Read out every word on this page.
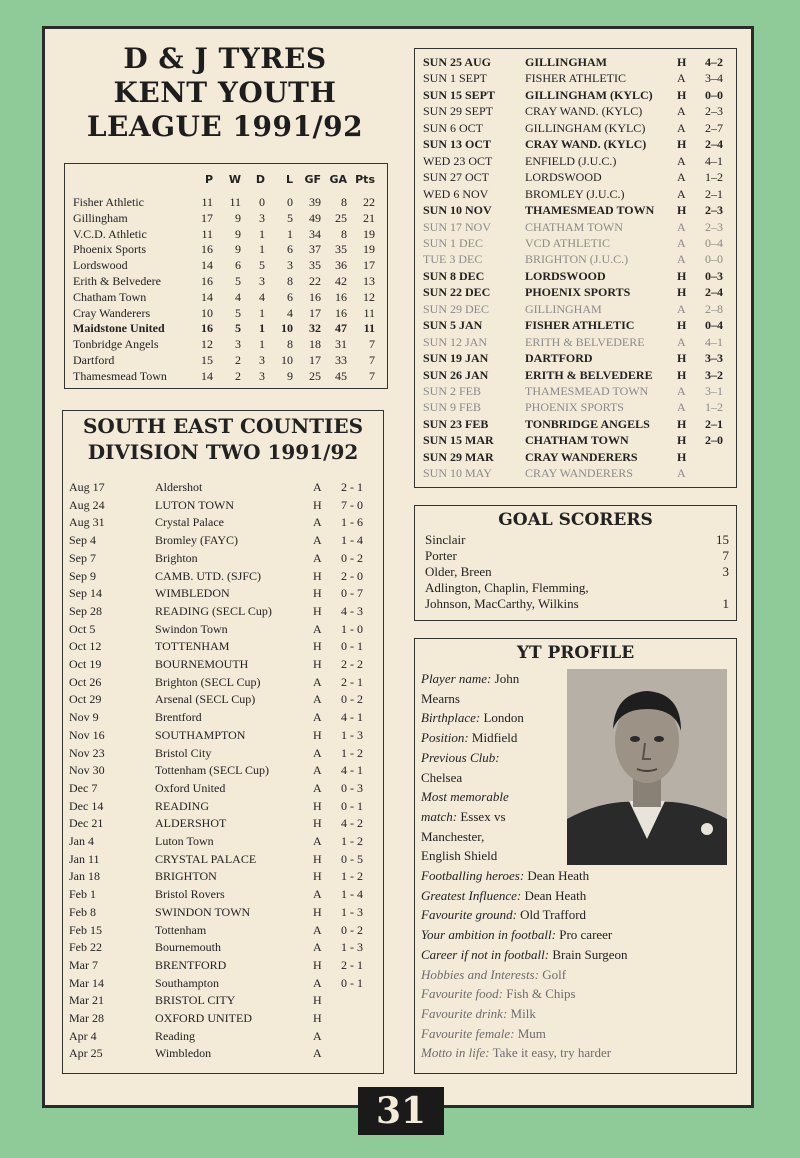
D & J TYRES
KENT YOUTH
LEAGUE 1991/92
P	W	D	L	GF GA Pts
Fisher Athletic	11	11	0	0	39	8	22
Gillingham	17	9	3	5	49	25	21
V.C.D. Athletic	11	9	1	1	34	8	19
Phoenix Sports	16	9	1	6	37	35	19
Lordswood	14	6	5	3	35	36	17
Erith & Belvedere	16	5	3	8	22	42	13
Chatham Town	14	4	4	6	16	16	12
Cray Wanderers	10	5	1	4	17	16	11
Maidstone United	16	5	1	10	32	47	11
Tonbridge Angels	12	3	1	8	18	31	7
Dartford	15	2	3	10	17	33	7
Thamesmead Town	14	2	3	9	25	45	7
SOUTH EAST COUNTIES
DIVISION TWO 1991/92
Aug 17	Aldershot	A	2 - 1
Aug 24	LUTON TOWN	H	7 - 0
Aug 31	Crystal Palace	A	1 - 6
Sep 4	Bromley (FAYC)	A	1 - 4
Sep 7	Brighton	A	0 - 2
Sep 9	CAMB. UTD. (SJFC)	H	2 - 0
Sep 14	WIMBLEDON	H	0 - 7
Sep 28	READING (SECL Cup)	H	4 - 3
Oct 5	Swindon Town	A	1 - 0
Oct 12	TOTTENHAM	H	0 - 1
Oct 19	BOURNEMOUTH	H	2 - 2
Oct 26	Brighton (SECL Cup)	A	2 - 1
Oct 29	Arsenal (SECL Cup)	A	0 - 2
Nov 9	Brentford	A	4 - 1
Nov 16	SOUTHAMPTON	H	1 - 3
Nov 23	Bristol City	A	1 - 2
Nov 30	Tottenham (SECL Cup)	A	4 - 1
Dec 7	Oxford United	A	0 - 3
Dec 14	READING	H	0 - 1
Dec 21	ALDERSHOT	H	4 - 2
Jan 4	Luton Town	A	1 - 2
Jan 11	CRYSTAL PALACE	H	0 - 5
Jan 18	BRIGHTON	H	1 - 2
Feb 1	Bristol Rovers	A	1 - 4
Feb 8	SWINDON TOWN	H	1 - 3
Feb 15	Tottenham	A	0 - 2
Feb 22	Bournemouth	A	1 - 3
Mar 7	BRENTFORD	H	2 - 1
Mar 14	Southampton	A	0 - 1
Mar 21	BRISTOL CITY	H
Mar 28	OXFORD UNITED	H
Apr 4	Reading	A
Apr 25	Wimbledon	A
SUN 25 AUG	GILLINGHAM	H	4–2
SUN 1 SEPT	FISHER ATHLETIC	A	3–4
SUN 15 SEPT	GILLINGHAM (KYLC)	H	0–0
SUN 29 SEPT	CRAY WAND. (KYLC)	A	2–3
SUN 6 OCT	GILLINGHAM (KYLC)	A	2–7
SUN 13 OCT	CRAY WAND. (KYLC)	H	2–4
WED 23 OCT	ENFIELD (J.U.C.)	A	4–1
SUN 27 OCT	LORDSWOOD	A	1–2
WED 6 NOV	BROMLEY (J.U.C.)	A	2–1
SUN 10 NOV	THAMESMEAD TOWN	H	2–3
SUN 17 NOV	CHATHAM TOWN	A	2–3
SUN 1 DEC	VCD ATHLETIC	A	0–4
TUE 3 DEC	BRIGHTON (J.U.C.)	A	0–0
SUN 8 DEC	LORDSWOOD	H	0–3
SUN 22 DEC	PHOENIX SPORTS	H	2–4
SUN 29 DEC	GILLINGHAM	A	2–8
SUN 5 JAN	FISHER ATHLETIC	H	0–4
SUN 12 JAN	ERITH & BELVEDERE	A	4–1
SUN 19 JAN	DARTFORD	H	3–3
SUN 26 JAN	ERITH & BELVEDERE	H	3–2
SUN 2 FEB	THAMESMEAD TOWN	A	3–1
SUN 9 FEB	PHOENIX SPORTS	A	1–2
SUN 23 FEB	TONBRIDGE ANGELS	H	2–1
SUN 15 MAR	CHATHAM TOWN	H	2–0
SUN 29 MAR	CRAY WANDERERS	H
SUN 10 MAY	CRAY WANDERERS	A
GOAL SCORERS
Sinclair	15
Porter	7
Older, Breen	3
Adlington, Chaplin, Flemming,
Johnson, MacCarthy, Wilkins	1
YT PROFILE
Player name: John
Mearns
Birthplace: London
Position: Midfield
Previous Club:
Chelsea
Most memorable
match: Essex vs
Manchester,
English Shield
Footballing heroes: Dean Heath
Greatest Influence: Dean Heath
Favourite ground: Old Trafford
Your ambition in football: Pro career
Career if not in football: Brain Surgeon
Hobbies and Interests: Golf
Favourite food: Fish & Chips
Favourite drink: Milk
Favourite female: Mum
Motto in life: Take it easy, try harder
31
